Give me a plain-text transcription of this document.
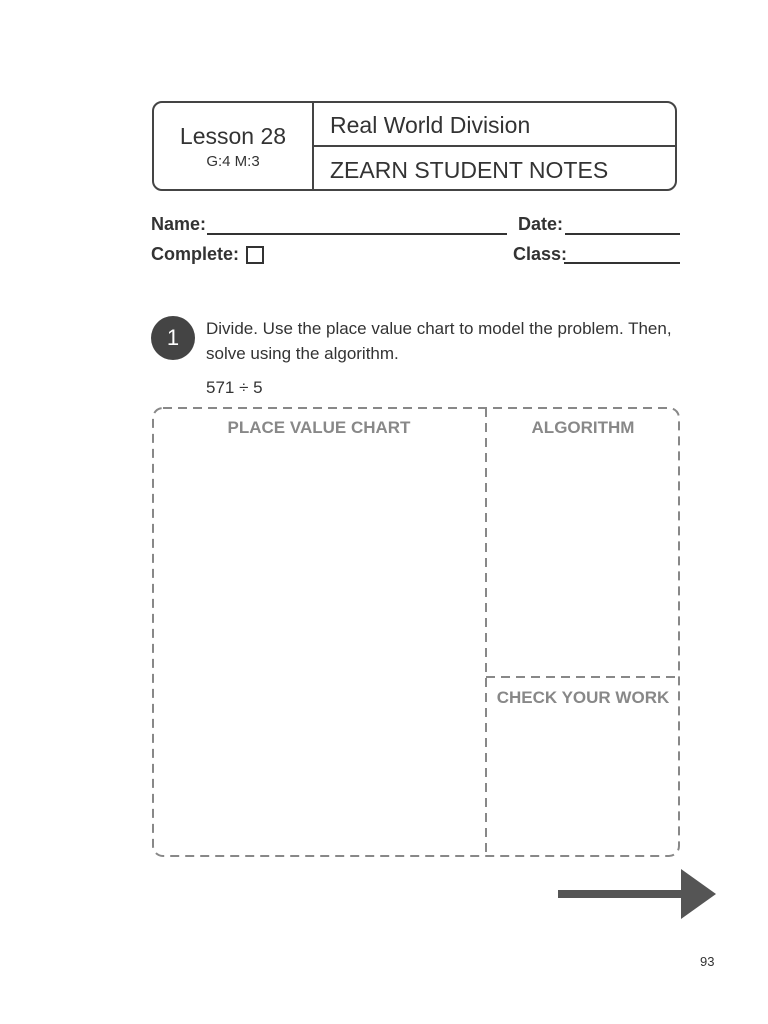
Lesson 28
G:4 M:3
Real World Division
ZEARN STUDENT NOTES
Name:	Date:
Complete:	Class:
1	Divide. Use the place value chart to model the problem. Then, solve using the algorithm.
571 ÷ 5
PLACE VALUE CHART	ALGORITHM
CHECK YOUR WORK
93
